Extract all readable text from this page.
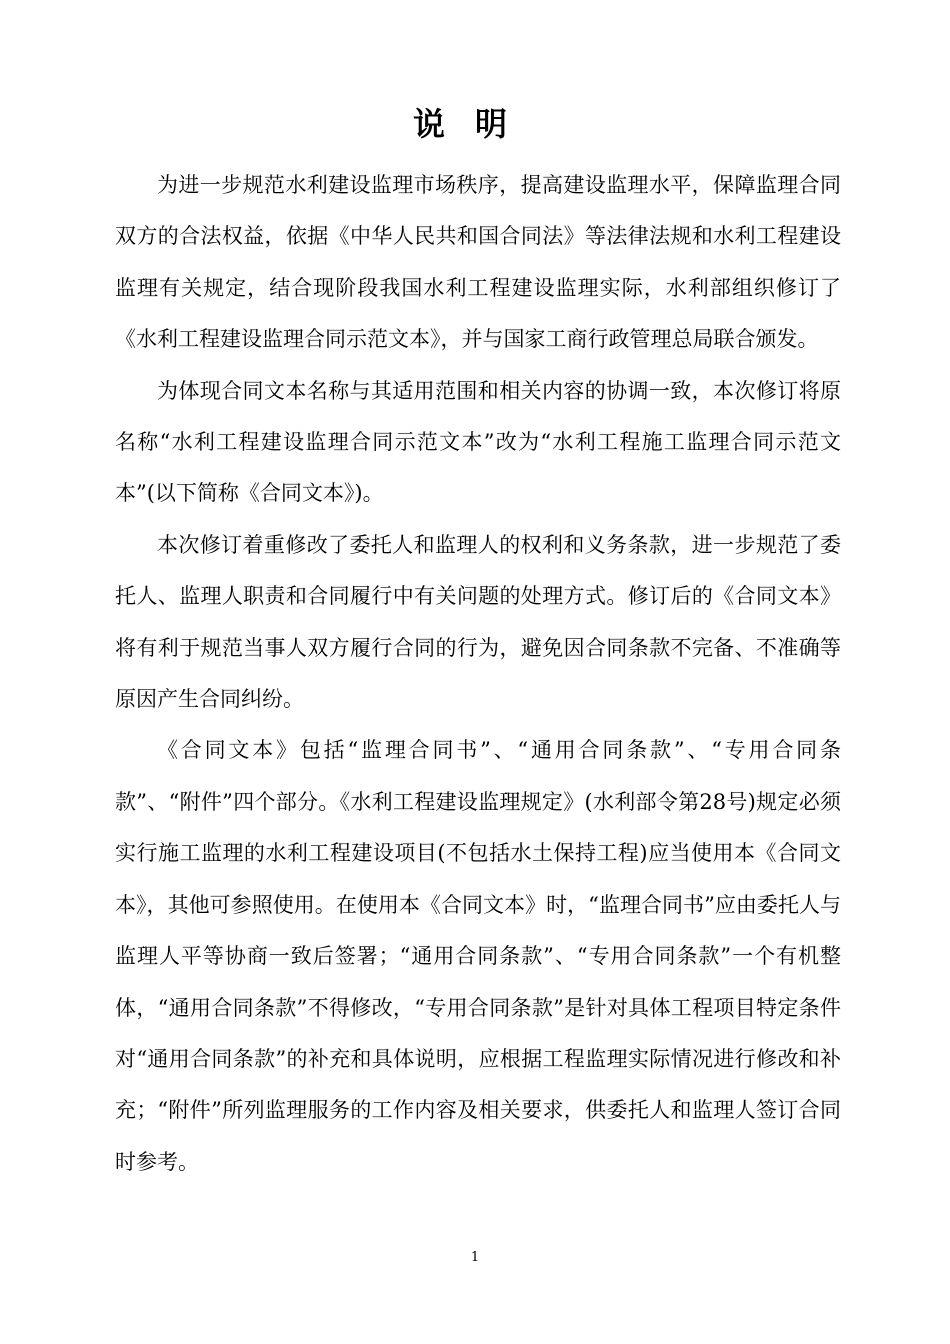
说明

为进一步规范水利建设监理市场秩序，提高建设监理水平，保障监理合同双方的合法权益，依据《中华人民共和国合同法》等法律法规和水利工程建设监理有关规定，结合现阶段我国水利工程建设监理实际，水利部组织修订了《水利工程建设监理合同示范文本》，并与国家工商行政管理总局联合颁发。

为体现合同文本名称与其适用范围和相关内容的协调一致，本次修订将原名称“水利工程建设监理合同示范文本”改为“水利工程施工监理合同示范文本”(以下简称《合同文本》)。

本次修订着重修改了委托人和监理人的权利和义务条款，进一步规范了委托人、监理人职责和合同履行中有关问题的处理方式。修订后的《合同文本》将有利于规范当事人双方履行合同的行为，避免因合同条款不完备、不准确等原因产生合同纠纷。

《合同文本》包括“监理合同书”、“通用合同条款”、“专用合同条款”、“附件”四个部分。《水利工程建设监理规定》(水利部令第28号)规定必须实行施工监理的水利工程建设项目(不包括水土保持工程)应当使用本《合同文本》，其他可参照使用。在使用本《合同文本》时，“监理合同书”应由委托人与监理人平等协商一致后签署；“通用合同条款”、“专用合同条款”一个有机整体，“通用合同条款”不得修改，“专用合同条款”是针对具体工程项目特定条件对“通用合同条款”的补充和具体说明，应根据工程监理实际情况进行修改和补充；“附件”所列监理服务的工作内容及相关要求，供委托人和监理人签订合同时参考。

1
